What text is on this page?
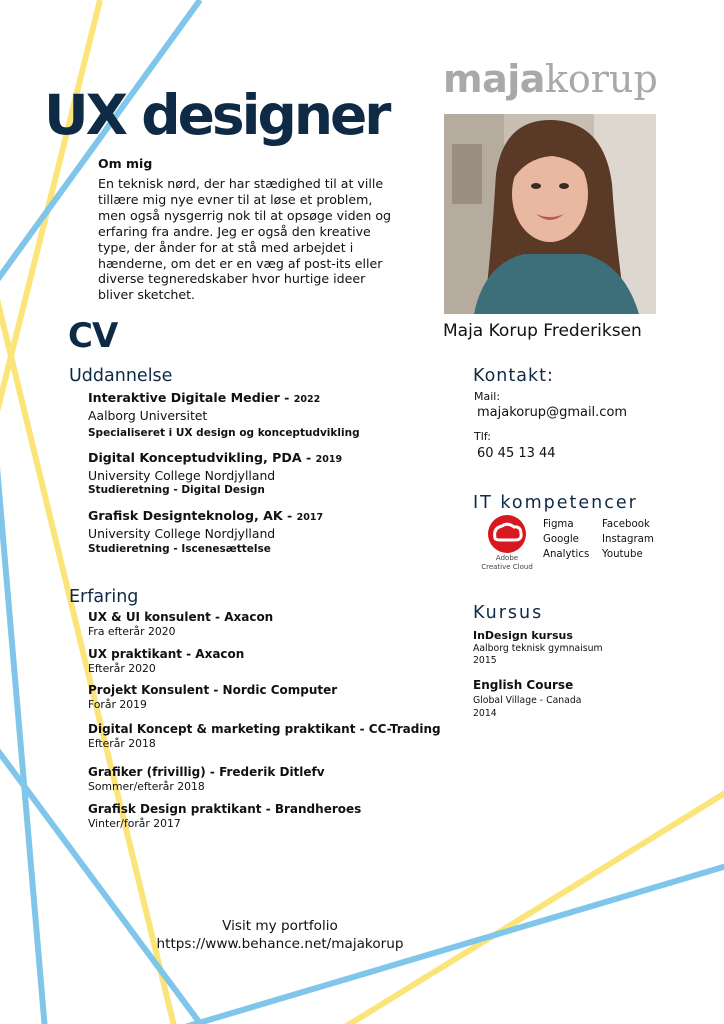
majakorup
UX designer
Maja Korup Frederiksen
Om mig
En teknisk nørd, der har stædighed til at ville tillære mig nye evner til at løse et problem, men også nysgerrig nok til at opsøge viden og erfaring fra andre. Jeg er også den kreative type, der ånder for at stå med arbejdet i hænderne, om det er en væg af post-its eller diverse tegneredskaber hvor hurtige ideer bliver sketchet.
CV
Uddannelse
Interaktive Digitale Medier - 2022
Aalborg Universitet
Specialiseret i UX design og konceptudvikling
Digital Konceptudvikling, PDA - 2019
University College Nordjylland
Studieretning - Digital Design
Grafisk Designteknolog, AK - 2017
University College Nordjylland
Studieretning - Iscenesættelse
Erfaring
UX & UI konsulent - Axacon
Fra efterår 2020
UX praktikant - Axacon
Efterår 2020
Projekt Konsulent - Nordic Computer
Forår 2019
Digital Koncept & marketing praktikant - CC-Trading
Efterår 2018
Grafiker (frivillig) - Frederik Ditlefv
Sommer/efterår 2018
Grafisk Design praktikant - Brandheroes
Vinter/forår 2017
Kontakt:
Mail:
majakorup@gmail.com
Tlf:
60 45 13 44
IT kompetencer
Adobe
Creative Cloud
Figma
Google
Analytics
Facebook
Instagram
Youtube
Kursus
InDesign kursus
Aalborg teknisk gymnaisum
2015
English Course
Global Village - Canada
2014
Visit my portfolio
https://www.behance.net/majakorup
